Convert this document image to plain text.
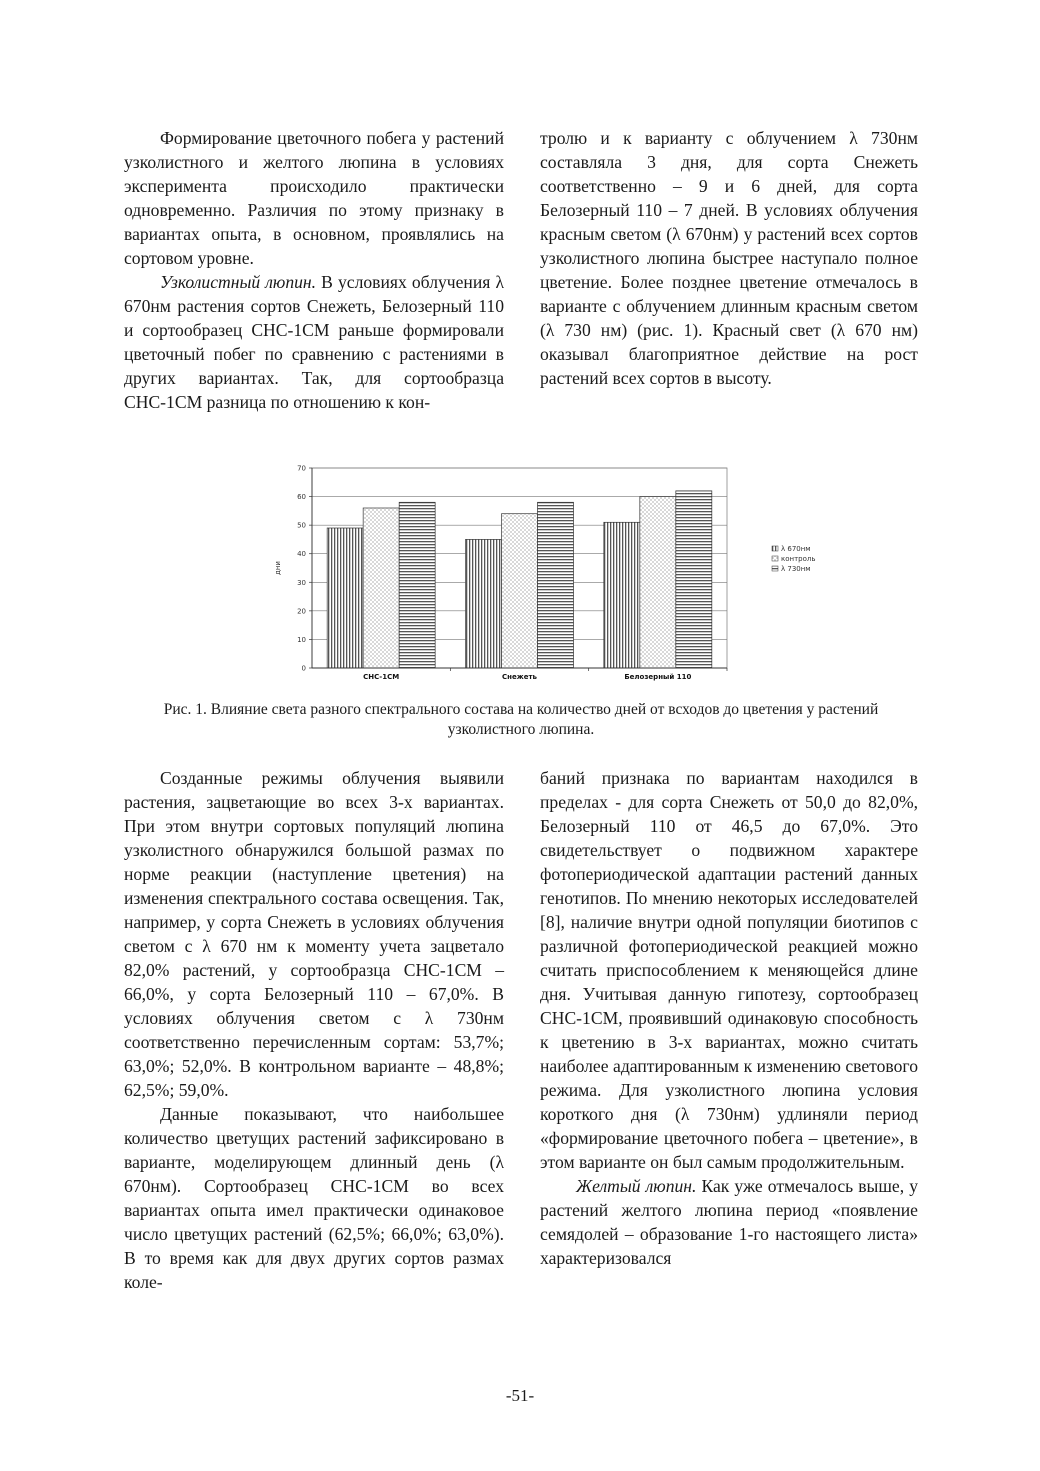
Формирование цветочного побега у растений узколистного и желтого люпина в условиях эксперимента происходило практически одновременно. Различия по этому признаку в вариантах опыта, в основном, проявлялись на сортовом уровне.

Узколистный люпин. В условиях облучения λ 670нм растения сортов Снежеть, Белозерный 110 и сортообразец СНС-1СМ раньше формировали цветочный побег по сравнению с растениями в других вариантах. Так, для сортообразца СНС-1СМ разница по отношению к кон-

тролю и к варианту с облучением λ 730нм составляла 3 дня, для сорта Снежеть соответственно – 9 и 6 дней, для сорта Белозерный 110 – 7 дней. В условиях облучения красным светом (λ 670нм) у растений всех сортов узколистного люпина быстрее наступало полное цветение. Более позднее цветение отмечалось в варианте с облучением длинным красным светом (λ 730 нм) (рис. 1). Красный свет (λ 670 нм) оказывал благоприятное действие на рост растений всех сортов в высоту.

0
10
20
30
40
50
60
70
дни
СНС-1СМ	Снежеть	Белозерный 110
λ 670нм
контроль
λ 730нм
Рис. 1. Влияние света разного спектрального состава на количество дней от всходов до цветения у растений узколистного люпина.

Созданные режимы облучения выявили растения, зацветающие во всех 3-х вариантах. При этом внутри сортовых популяций люпина узколистного обнаружился большой размах по норме реакции (наступление цветения) на изменения спектрального состава освещения. Так, например, у сорта Снежеть в условиях облучения светом с λ 670 нм к моменту учета зацветало 82,0% растений, у сортообразца СНС-1СМ – 66,0%, у сорта Белозерный 110 – 67,0%. В условиях облучения светом с λ 730нм соответственно перечисленным сортам: 53,7%; 63,0%; 52,0%. В контрольном варианте – 48,8%; 62,5%; 59,0%.

Данные показывают, что наибольшее количество цветущих растений зафиксировано в варианте, моделирующем длинный день (λ 670нм). Сортообразец СНС-1СМ во всех вариантах опыта имел практически одинаковое число цветущих растений (62,5%; 66,0%; 63,0%). В то время как для двух других сортов размах коле-

баний признака по вариантам находился в пределах - для сорта Снежеть от 50,0 до 82,0%, Белозерный 110 от 46,5 до 67,0%. Это свидетельствует о подвижном характере фотопериодической адаптации растений данных генотипов. По мнению некоторых исследователей [8], наличие внутри одной популяции биотипов с различной фотопериодической реакцией можно считать приспособлением к меняющейся длине дня. Учитывая данную гипотезу, сортообразец СНС-1СМ, проявивший одинаковую способность к цветению в 3-х вариантах, можно считать наиболее адаптированным к изменению светового режима. Для узколистного люпина условия короткого дня (λ 730нм) удлиняли период «формирование цветочного побега – цветение», в этом варианте он был самым продолжительным.

Желтый люпин. Как уже отмечалось выше, у растений желтого люпина период «появление семядолей – образование 1-го настоящего листа» характеризовался

-51-
